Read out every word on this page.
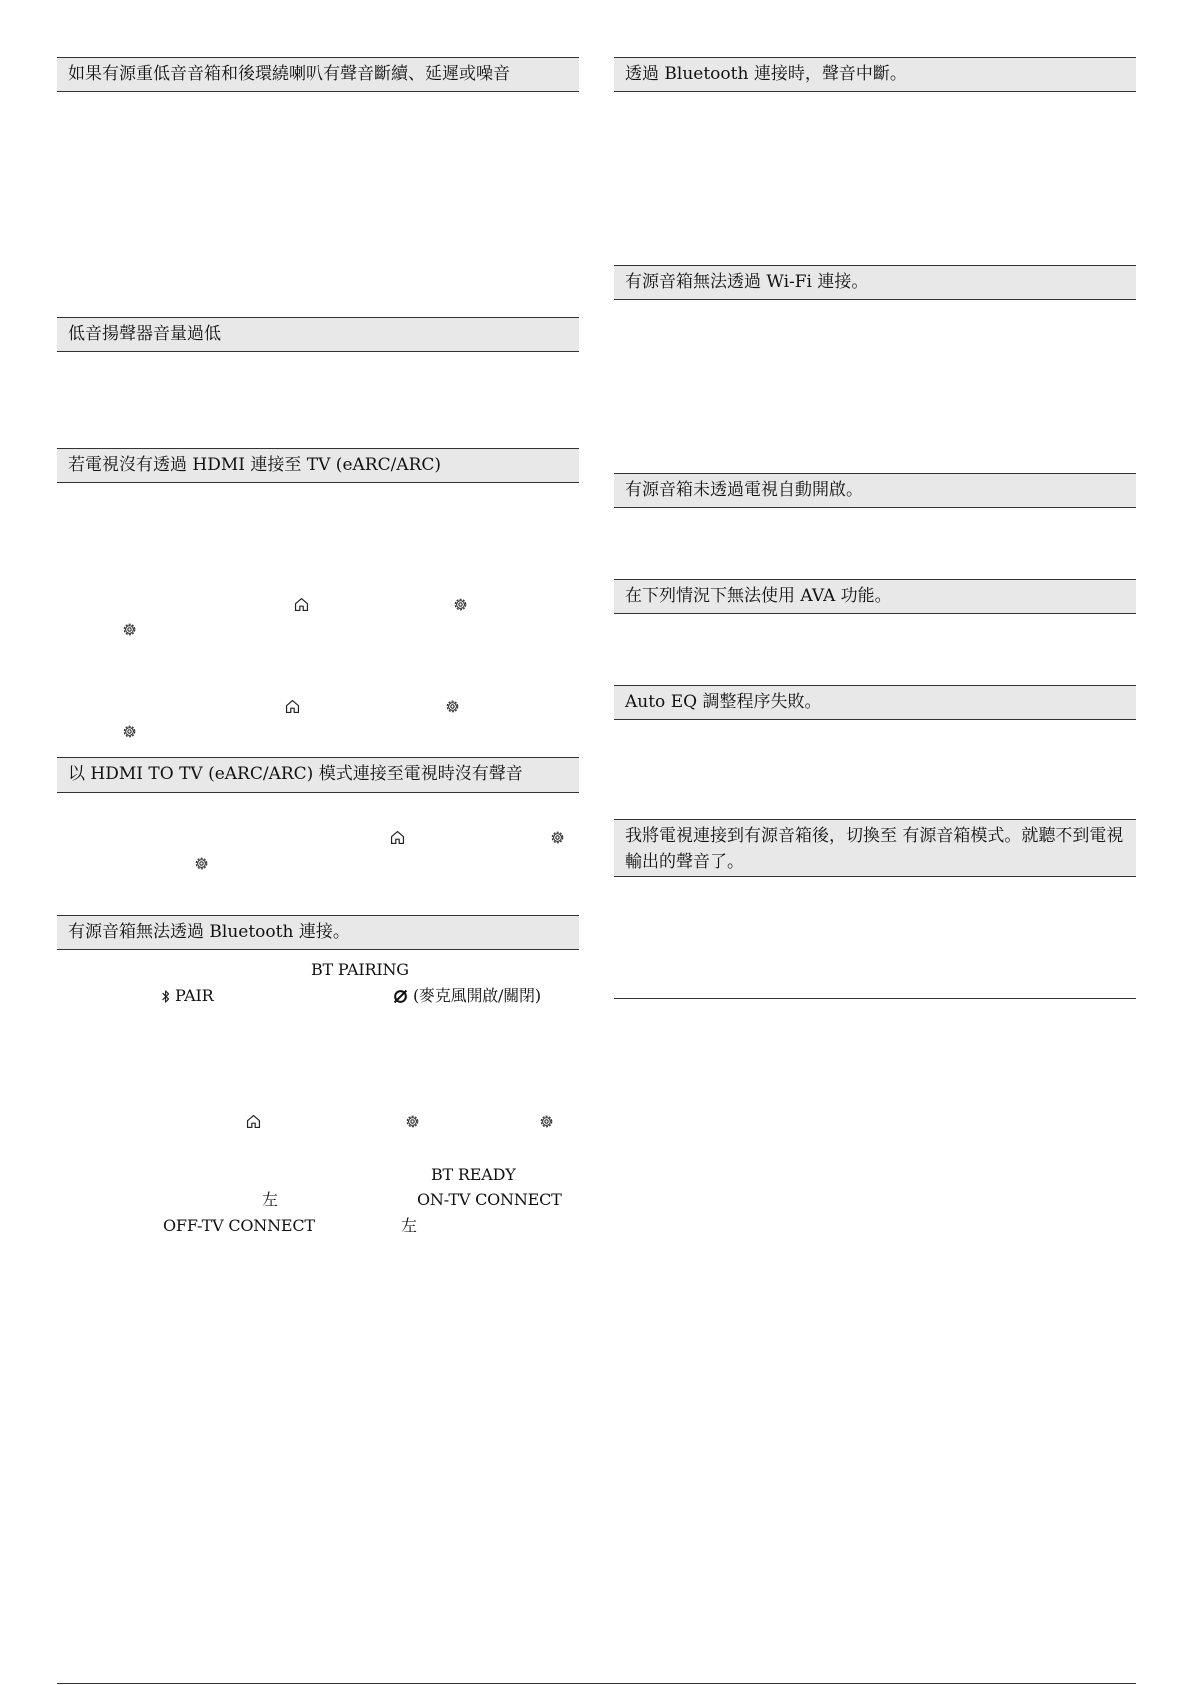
如果有源重低音音箱和後環繞喇叭有聲音斷續、延遲或噪音
低音揚聲器音量過低
若電視沒有透過 HDMI 連接至 TV (eARC/ARC)
以 HDMI TO TV (eARC/ARC) 模式連接至電視時沒有聲音
有源音箱無法透過 Bluetooth 連接。
BT PAIRING
PAIR	(麥克風開啟/關閉)
BT READY
左	ON-TV CONNECT
OFF-TV CONNECT	左
透過 Bluetooth 連接時，聲音中斷。
有源音箱無法透過 Wi-Fi 連接。
有源音箱未透過電視自動開啟。
在下列情況下無法使用 AVA 功能。
Auto EQ 調整程序失敗。
我將電視連接到有源音箱後，切換至 有源音箱模式。就聽不到電視輸出的聲音了。
